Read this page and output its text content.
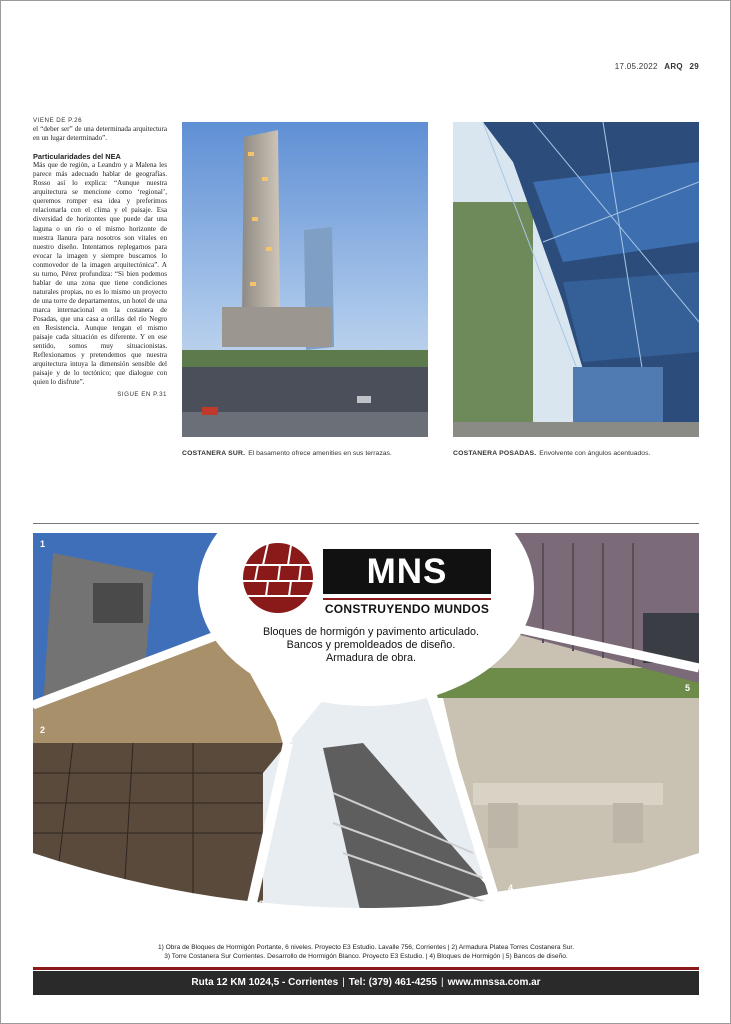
17.05.2022 ARQ 29
VIENE DE P.26

el “deber ser” de una determinada arquitectura en un lugar determinado”.

Particularidades del NEA

Más que de región, a Leandro y a Malena les parece más adecuado hablar de geografías. Rosso así lo explica: “Aunque nuestra arquitectura se mencione como ‘regional’, queremos romper esa idea y preferimos relacionarla con el clima y el paisaje. Esa diversidad de horizontes que puede dar una laguna o un río o el mismo horizonte de nuestra llanura para nosotros son vitales en nuestro diseño. Intentamos replegarnos para evocar la imagen y siempre buscamos lo conmovedor de la imagen arquitectónica”. A su turno, Pérez profundiza: “Si bien podemos hablar de una zona que tiene condiciones naturales propias, no es lo mismo un proyecto de una torre de departamentos, un hotel de una marca internacional en la costanera de Posadas, que una casa a orillas del río Negro en Resistencia. Aunque tengan el mismo paisaje cada situación es diferente. Y en ese sentido, somos muy situacionistas. Reflexionamos y pretendemos que nuestra arquitectura intuya la dimensión sensible del paisaje y de lo tectónico; que dialogue con quien lo disfrute”.

SIGUE EN P.31
COSTANERA SUR. El basamento ofrece amenities en sus terrazas.	COSTANERA POSADAS. Envolvente con ángulos acentuados.
MNS
CONSTRUYENDO MUNDOS
Bloques de hormigón y pavimento articulado.
Bancos y premoldeados de diseño.
Armadura de obra.
1
2
3
4
5
1) Obra de Bloques de Hormigón Portante, 6 niveles. Proyecto E3 Estudio. Lavalle 756, Corrientes | 2) Armadura Platea Torres Costanera Sur.
3) Torre Costanera Sur Corrientes. Desarrollo de Hormigón Blanco. Proyecto E3 Estudio. | 4) Bloques de Hormigón | 5) Bancos de diseño.
Ruta 12 KM 1024,5 - Corrientes | Tel: (379) 461-4255 | www.mnssa.com.ar
